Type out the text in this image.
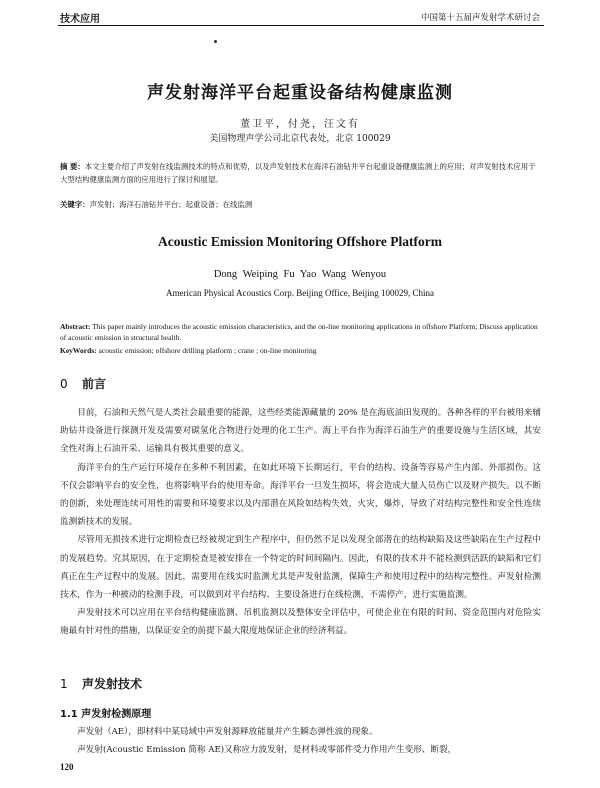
技术应用	中国第十五届声发射学术研讨会
声发射海洋平台起重设备结构健康监测
董卫平，付尧，汪文有
美国物理声学公司北京代表处，北京 100029
摘 要：本文主要介绍了声发射在线监测技术的特点和优势，以及声发射技术在海洋石油钻井平台起重设备健康监测上的应用；对声发射技术应用于大型结构健康监测方面的应用进行了探讨和展望。
关键字：声发射；海洋石油钻井平台；起重设备；在线监测
Acoustic Emission Monitoring Offshore Platform
Dong Weiping Fu Yao Wang Wenyou
American Physical Acoustics Corp. Beijing Office, Beijing 100029, China
Abstract: This paper mainly introduces the acoustic emission characteristics, and the on-line monitoring applications in offshore Platform; Discuss application of acoustic emission in structural health.
KeyWords: acoustic emission; offshore drilling platform ; crane ; on-line monitoring
0 前言

目前，石油和天然气是人类社会最重要的能源，这些经类能源藏量的 20% 是在海底油田发现的。各种各样的平台被用来辅助钻井设备进行探测开发及需要对碳氢化合物进行处理的化工生产。海上平台作为海洋石油生产的重要设施与生活区域，其安全性对海上石油开采、运输具有极其重要的意义。

海洋平台的生产运行环境存在多种不利因素，在如此环境下长期运行，平台的结构、设备等容易产生内部、外部损伤。这不仅会影响平台的安全性，也将影响平台的使用寿命。海洋平台一旦发生损坏，将会造成大量人员伤亡以及财产损失。以不断的创新，来处理连续可用性的需要和环境要求以及内部潜在风险如结构失效，火灾，爆炸，导致了对结构完整性和安全性连续监测新技术的发展。

尽管用无损技术进行定期检查已经被规定到生产程序中，但仍然不足以发现全部潜在的结构缺陷及这些缺陷在生产过程中的发展趋势。究其原因，在于定期检查是被安排在一个特定的时间间隔内。因此，有限的技术并不能检测到活跃的缺陷和它们真正在生产过程中的发展。因此，需要用在线实时监测尤其是声发射监测，保障生产和使用过程中的结构完整性。声发射检测技术，作为一种被动的检测手段，可以做到对平台结构、主要设备进行在线检测，不需停产，进行实施监测。

声发射技术可以应用在平台结构健康监测、吊机监测以及整体安全评估中，可使企业在有限的时间、资金范围内对危险实施最有针对性的措施，以保证安全的前提下最大限度地保证企业的经济利益。

1 声发射技术
1.1 声发射检测原理

声发射（AE），即材料中某局域中声发射源释放能量并产生瞬态弹性波的现象。

声发射(Acoustic Emission 简称 AE)又称应力波发射，是材料或零部件受力作用产生变形、断裂，

120
